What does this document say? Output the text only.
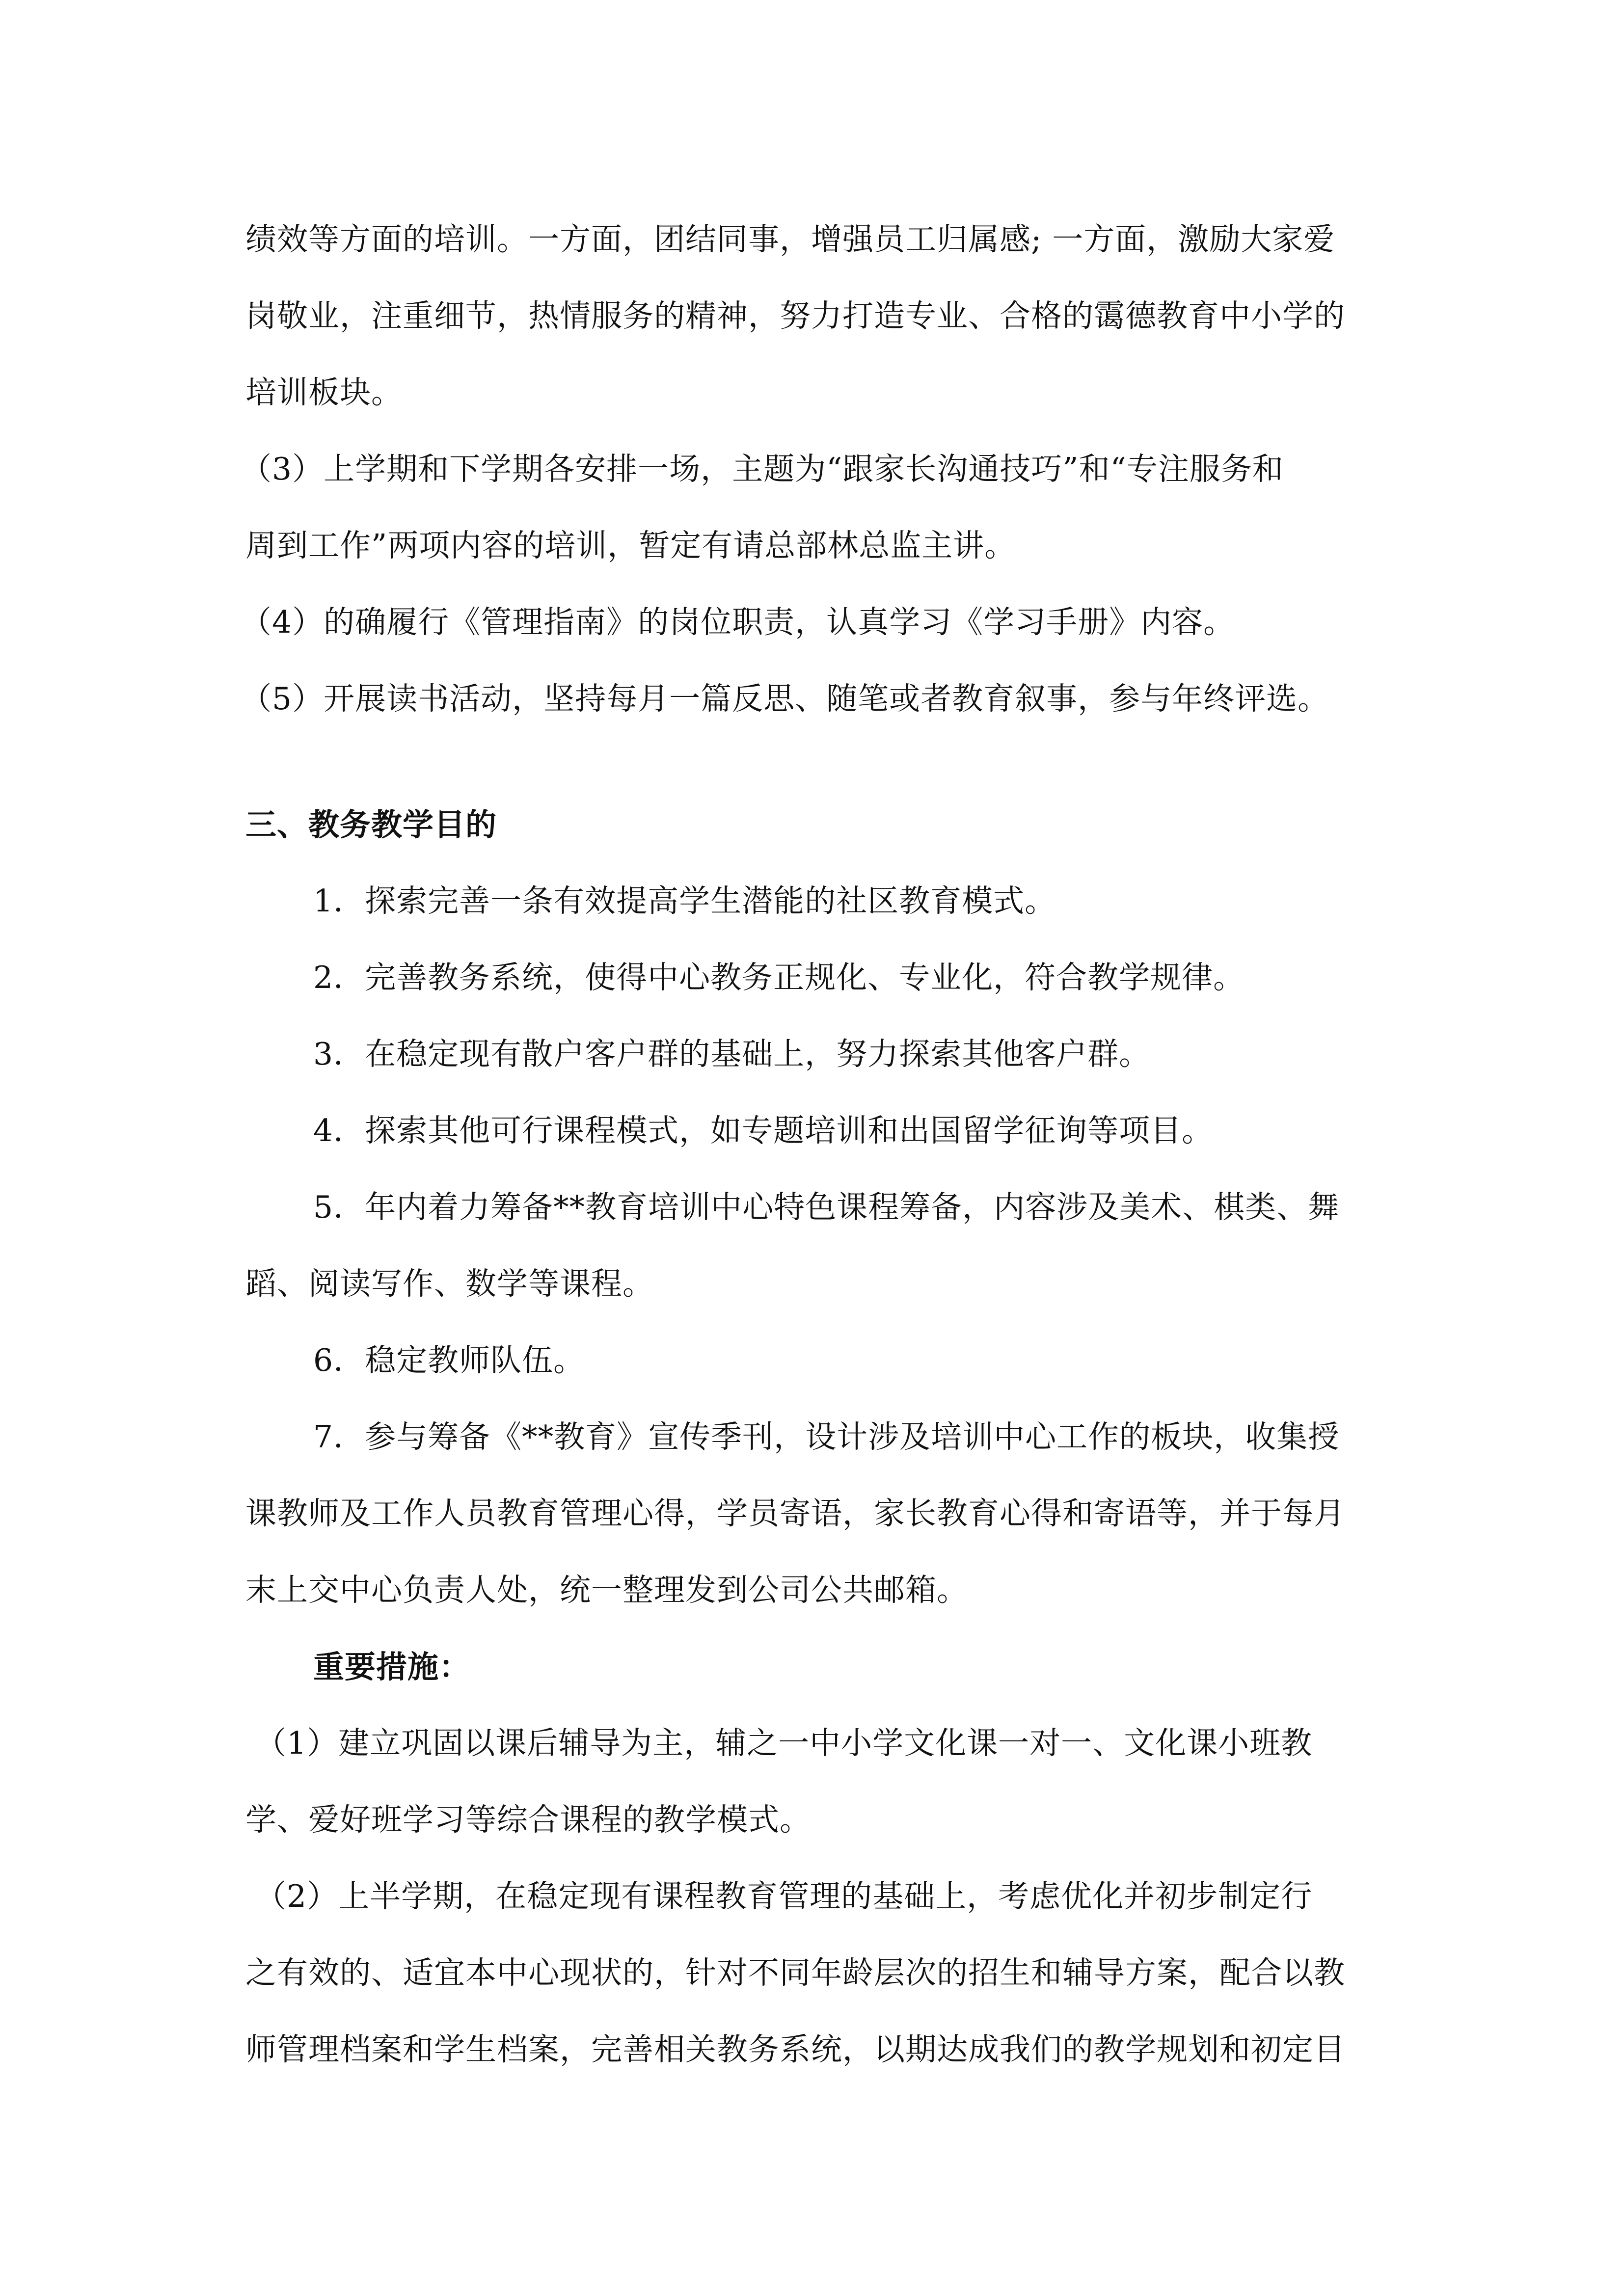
绩效等方面的培训。一方面，团结同事，增强员工归属感; 一方面，激励大家爱
岗敬业，注重细节，热情服务的精神，努力打造专业、合格的霭德教育中小学的
培训板块。
（3）上学期和下学期各安排一场，主题为“跟家长沟通技巧”和“专注服务和
周到工作”两项内容的培训，暂定有请总部林总监主讲。
（4）的确履行《管理指南》的岗位职责，认真学习《学习手册》内容。
（5）开展读书活动，坚持每月一篇反思、随笔或者教育叙事，参与年终评选。
三、教务教学目的
1．探索完善一条有效提高学生潜能的社区教育模式。
2．完善教务系统，使得中心教务正规化、专业化，符合教学规律。
3．在稳定现有散户客户群的基础上，努力探索其他客户群。
4．探索其他可行课程模式，如专题培训和出国留学征询等项目。
5．年内着力筹备**教育培训中心特色课程筹备，内容涉及美术、棋类、舞
蹈、阅读写作、数学等课程。
6．稳定教师队伍。
7．参与筹备《**教育》宣传季刊，设计涉及培训中心工作的板块，收集授
课教师及工作人员教育管理心得，学员寄语，家长教育心得和寄语等，并于每月
末上交中心负责人处，统一整理发到公司公共邮箱。
重要措施：
（1）建立巩固以课后辅导为主，辅之一中小学文化课一对一、文化课小班教
学、爱好班学习等综合课程的教学模式。
（2）上半学期，在稳定现有课程教育管理的基础上，考虑优化并初步制定行
之有效的、适宜本中心现状的，针对不同年龄层次的招生和辅导方案，配合以教
师管理档案和学生档案，完善相关教务系统，以期达成我们的教学规划和初定目
